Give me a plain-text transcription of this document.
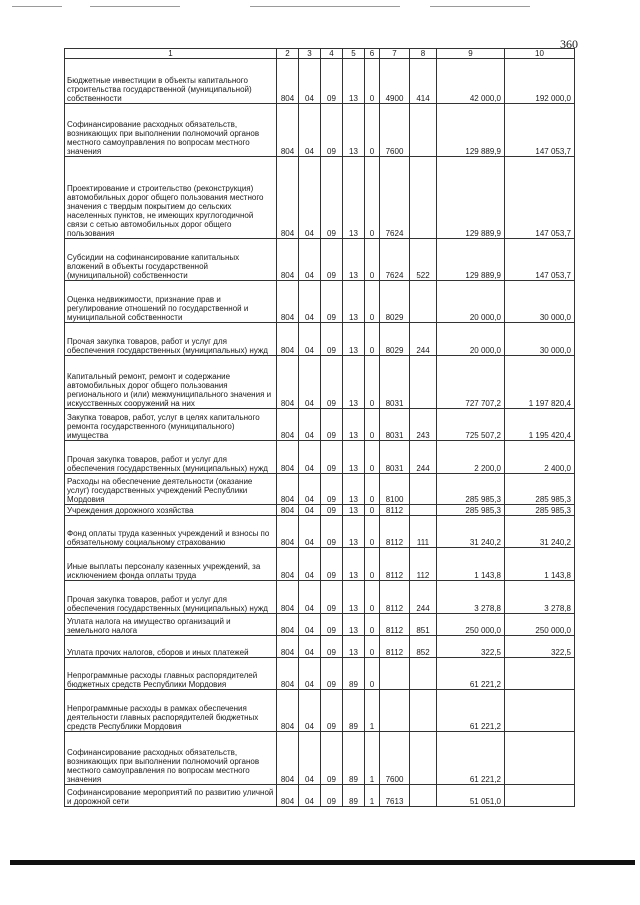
360
1	2	3	4	5	6	7	8	9	10
Бюджетные инвестиции в объекты капитального строительства государственной (муниципальной) собственности	804	04	09	13	0	4900	414	42 000,0	192 000,0
Софинансирование расходных обязательств, возникающих при выполнении полномочий органов местного самоуправления по вопросам местного значения	804	04	09	13	0	7600		129 889,9	147 053,7
Проектирование и строительство (реконструкция) автомобильных дорог общего пользования местного значения с твердым покрытием до сельских населенных пунктов, не имеющих круглогодичной связи с сетью автомобильных дорог общего пользования	804	04	09	13	0	7624		129 889,9	147 053,7
Субсидии на софинансирование капитальных вложений в объекты государственной (муниципальной) собственности	804	04	09	13	0	7624	522	129 889,9	147 053,7
Оценка недвижимости, признание прав и регулирование отношений по государственной и муниципальной собственности	804	04	09	13	0	8029		20 000,0	30 000,0
Прочая закупка товаров, работ и услуг для обеспечения государственных (муниципальных) нужд	804	04	09	13	0	8029	244	20 000,0	30 000,0
Капитальный ремонт, ремонт и содержание автомобильных дорог общего пользования регионального и (или) межмуниципального значения и искусственных сооружений на них	804	04	09	13	0	8031		727 707,2	1 197 820,4
Закупка товаров, работ, услуг в целях капитального ремонта государственного (муниципального) имущества	804	04	09	13	0	8031	243	725 507,2	1 195 420,4
Прочая закупка товаров, работ и услуг для обеспечения государственных (муниципальных) нужд	804	04	09	13	0	8031	244	2 200,0	2 400,0
Расходы на обеспечение деятельности (оказание услуг) государственных учреждений Республики Мордовия	804	04	09	13	0	8100		285 985,3	285 985,3
Учреждения дорожного хозяйства	804	04	09	13	0	8112		285 985,3	285 985,3
Фонд оплаты труда казенных учреждений и взносы по обязательному социальному страхованию	804	04	09	13	0	8112	111	31 240,2	31 240,2
Иные выплаты персоналу казенных учреждений, за исключением фонда оплаты труда	804	04	09	13	0	8112	112	1 143,8	1 143,8
Прочая закупка товаров, работ и услуг для обеспечения государственных (муниципальных) нужд	804	04	09	13	0	8112	244	3 278,8	3 278,8
Уплата налога на имущество организаций и земельного налога	804	04	09	13	0	8112	851	250 000,0	250 000,0
Уплата прочих налогов, сборов и иных платежей	804	04	09	13	0	8112	852	322,5	322,5
Непрограммные расходы главных распорядителей бюджетных средств Республики Мордовия	804	04	09	89	0			61 221,2	
Непрограммные расходы в рамках обеспечения деятельности главных распорядителей бюджетных средств Республики Мордовия	804	04	09	89	1			61 221,2	
Софинансирование расходных обязательств, возникающих при выполнении полномочий органов местного самоуправления по вопросам местного значения	804	04	09	89	1	7600		61 221,2	
Софинансирование мероприятий по развитию уличной и дорожной сети	804	04	09	89	1	7613		51 051,0	
